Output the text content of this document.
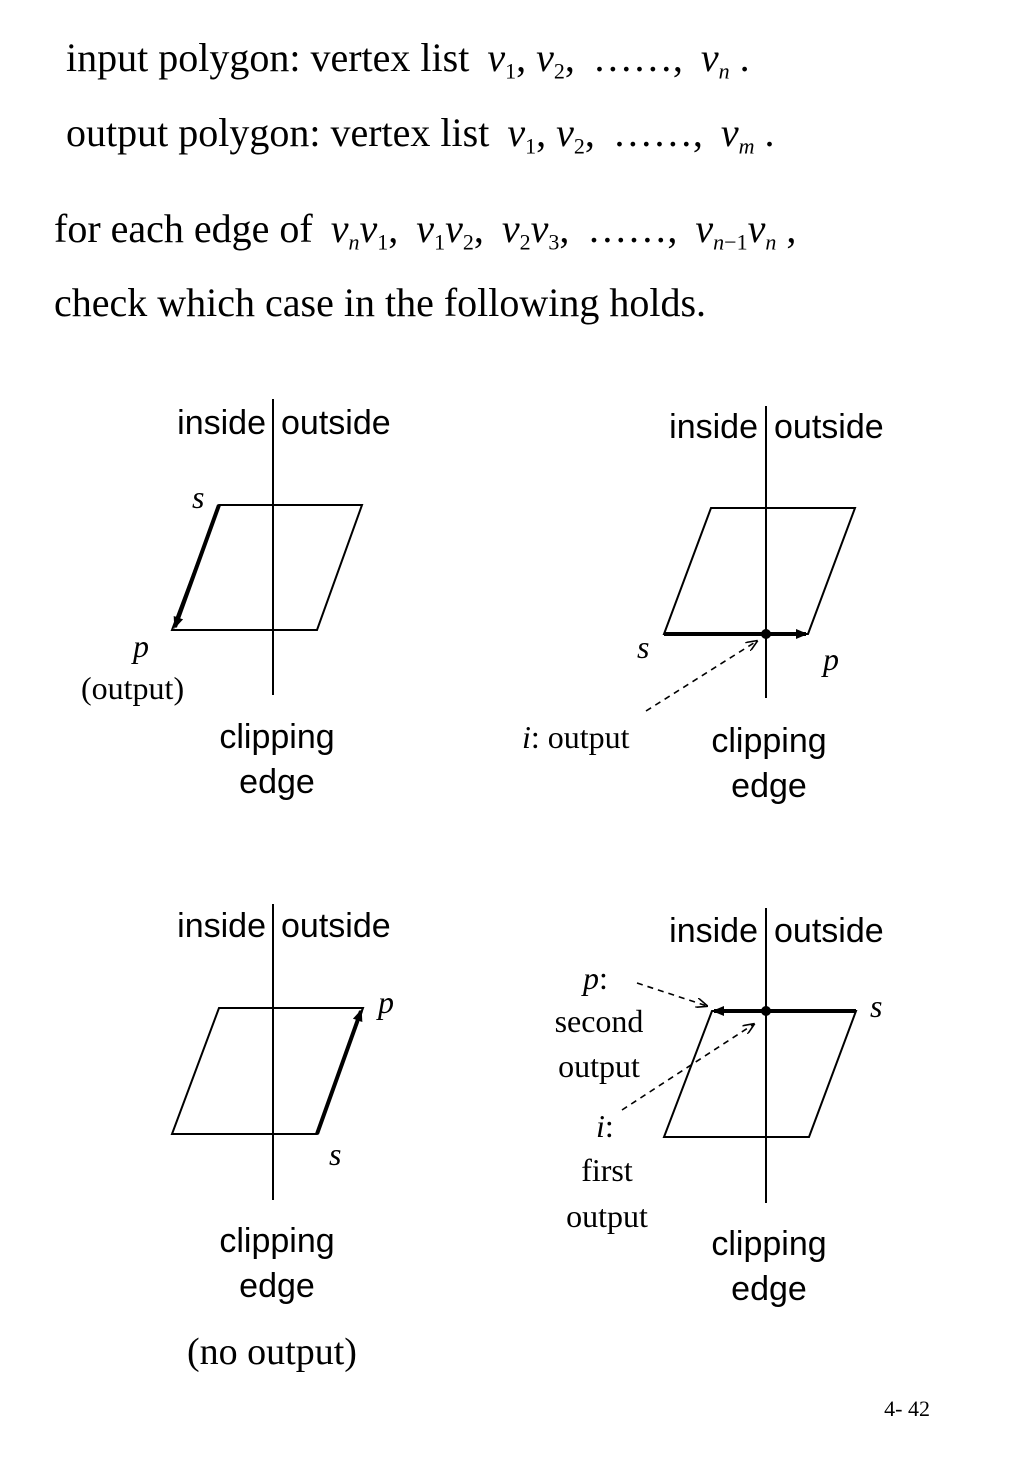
input polygon: vertex list   $v_1$, $v_2$,  ……,  $v_n$ .
output polygon: vertex list   $v_1$, $v_2$,  ……,  $v_m$ .
for each edge of   $v_nv_1$,  $v_1v_2$,  $v_2v_3$,  ……,  $v_{n-1}v_n$ ,
check which case in the following holds.
inside outside
s
p
(output)
clipping
edge
inside outside
s	p
i: output clipping
edge
inside outside
p
s
clipping
edge
(no output)
inside outside
s
p:
second
output
i:
first
output
clipping
edge
4- 42
